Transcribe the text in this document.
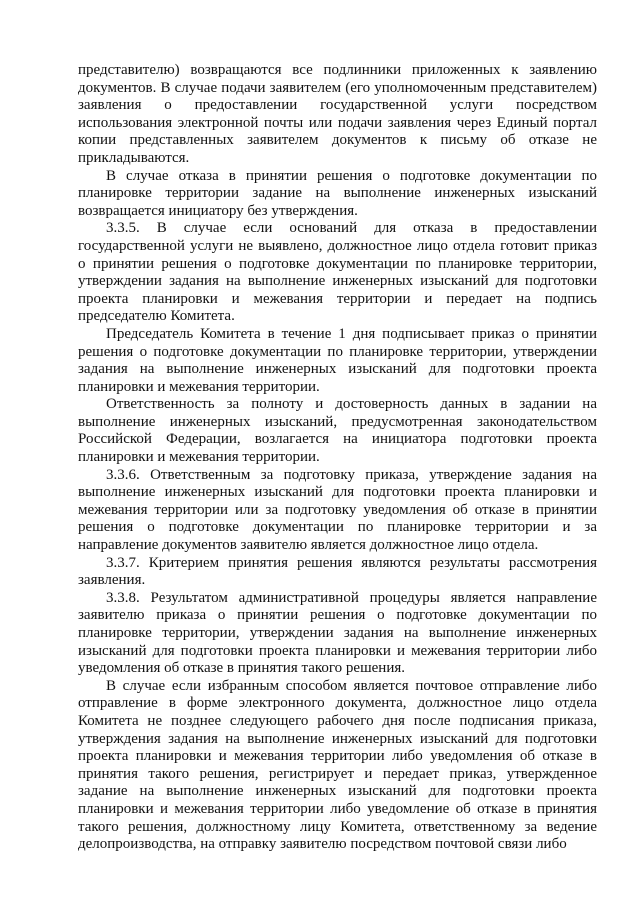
представителю) возвращаются все подлинники приложенных к заявлению документов. В случае подачи заявителем (его уполномоченным представителем) заявления о предоставлении государственной услуги посредством использования электронной почты или подачи заявления через Единый портал копии представленных заявителем документов к письму об отказе не прикладываются.

В случае отказа в принятии решения о подготовке документации по планировке территории задание на выполнение инженерных изысканий возвращается инициатору без утверждения.

3.3.5. В случае если оснований для отказа в предоставлении государственной услуги не выявлено, должностное лицо отдела готовит приказ о принятии решения о подготовке документации по планировке территории, утверждении задания на выполнение инженерных изысканий для подготовки проекта планировки и межевания территории и передает на подпись председателю Комитета.

Председатель Комитета в течение 1 дня подписывает приказ о принятии решения о подготовке документации по планировке территории, утверждении задания на выполнение инженерных изысканий для подготовки проекта планировки и межевания территории.

Ответственность за полноту и достоверность данных в задании на выполнение инженерных изысканий, предусмотренная законодательством Российской Федерации, возлагается на инициатора подготовки проекта планировки и межевания территории.

3.3.6. Ответственным за подготовку приказа, утверждение задания на выполнение инженерных изысканий для подготовки проекта планировки и межевания территории или за подготовку уведомления об отказе в принятии решения о подготовке документации по планировке территории и за направление документов заявителю является должностное лицо отдела.

3.3.7. Критерием принятия решения являются результаты рассмотрения заявления.

3.3.8. Результатом административной процедуры является направление заявителю приказа о принятии решения о подготовке документации по планировке территории, утверждении задания на выполнение инженерных изысканий для подготовки проекта планировки и межевания территории либо уведомления об отказе в принятия такого решения.

В случае если избранным способом является почтовое отправление либо отправление в форме электронного документа, должностное лицо отдела Комитета не позднее следующего рабочего дня после подписания приказа, утверждения задания на выполнение инженерных изысканий для подготовки проекта планировки и межевания территории либо уведомления об отказе в принятия такого решения, регистрирует и передает приказ, утвержденное задание на выполнение инженерных изысканий для подготовки проекта планировки и межевания территории либо уведомление об отказе в принятия такого решения, должностному лицу Комитета, ответственному за ведение делопроизводства, на отправку заявителю посредством почтовой связи либо
